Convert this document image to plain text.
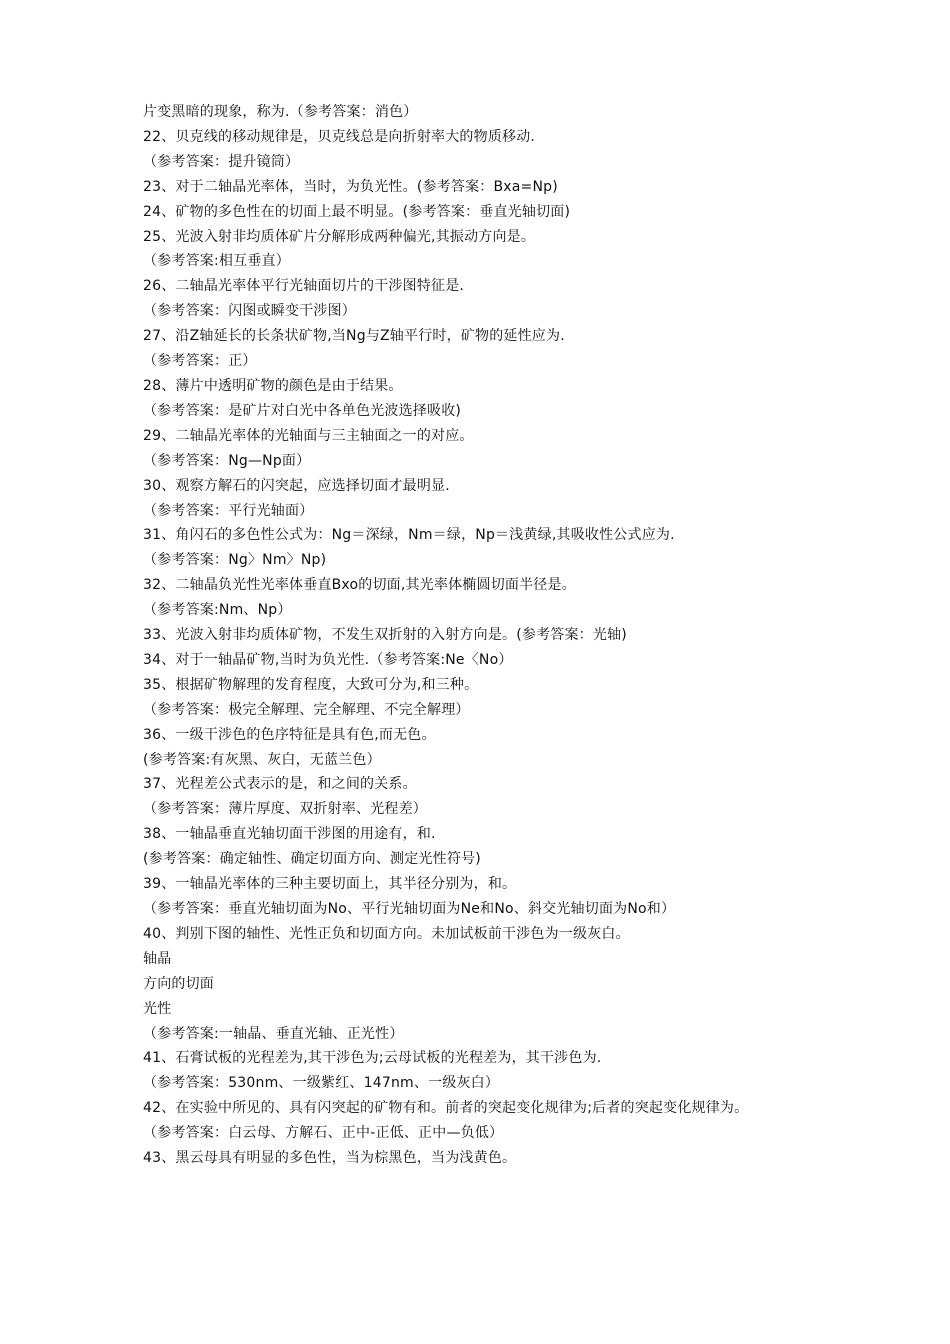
片变黑暗的现象，称为.（参考答案：消色）
22、贝克线的移动规律是，贝克线总是向折射率大的物质移动.
（参考答案：提升镜筒）
23、对于二轴晶光率体，当时，为负光性。(参考答案：Bxa=Np)
24、矿物的多色性在的切面上最不明显。(参考答案：垂直光轴切面)
25、光波入射非均质体矿片分解形成两种偏光,其振动方向是。
（参考答案:相互垂直）
26、二轴晶光率体平行光轴面切片的干涉图特征是.
（参考答案：闪图或瞬变干涉图）
27、沿Z轴延长的长条状矿物,当Ng与Z轴平行时，矿物的延性应为.
（参考答案：正）
28、薄片中透明矿物的颜色是由于结果。
（参考答案：是矿片对白光中各单色光波选择吸收)
29、二轴晶光率体的光轴面与三主轴面之一的对应。
（参考答案：Ng—Np面）
30、观察方解石的闪突起，应选择切面才最明显.
（参考答案：平行光轴面）
31、角闪石的多色性公式为：Ng＝深绿，Nm＝绿，Np＝浅黄绿,其吸收性公式应为.
（参考答案：Ng〉Nm〉Np)
32、二轴晶负光性光率体垂直Bxo的切面,其光率体椭圆切面半径是。
（参考答案:Nm、Np）
33、光波入射非均质体矿物，不发生双折射的入射方向是。(参考答案：光轴)
34、对于一轴晶矿物,当时为负光性.（参考答案:Ne〈No）
35、根据矿物解理的发育程度，大致可分为,和三种。
（参考答案：极完全解理、完全解理、不完全解理）
36、一级干涉色的色序特征是具有色,而无色。
(参考答案:有灰黑、灰白，无蓝兰色）
37、光程差公式表示的是，和之间的关系。
（参考答案：薄片厚度、双折射率、光程差）
38、一轴晶垂直光轴切面干涉图的用途有，和.
(参考答案：确定轴性、确定切面方向、测定光性符号)
39、一轴晶光率体的三种主要切面上，其半径分别为，和。
（参考答案：垂直光轴切面为No、平行光轴切面为Ne和No、斜交光轴切面为No和）
40、判别下图的轴性、光性正负和切面方向。未加试板前干涉色为一级灰白。
轴晶
方向的切面
光性
（参考答案:一轴晶、垂直光轴、正光性）
41、石膏试板的光程差为,其干涉色为;云母试板的光程差为，其干涉色为.
（参考答案：530nm、一级紫红、147nm、一级灰白）
42、在实验中所见的、具有闪突起的矿物有和。前者的突起变化规律为;后者的突起变化规律为。
（参考答案：白云母、方解石、正中-正低、正中—负低）
43、黑云母具有明显的多色性，当为棕黑色，当为浅黄色。
